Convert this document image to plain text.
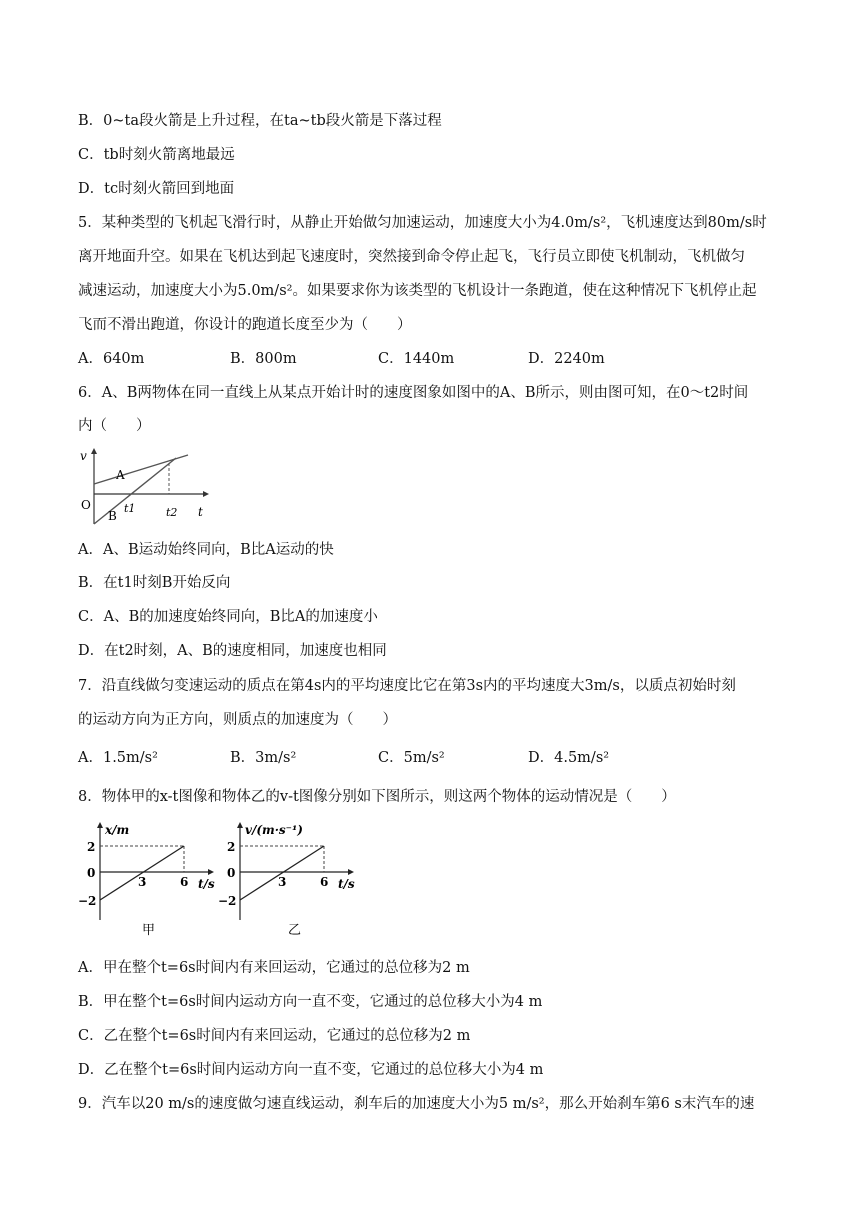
B．0~ta段火箭是上升过程，在ta~tb段火箭是下落过程
C．tb时刻火箭离地最远
D．tc时刻火箭回到地面
5．某种类型的飞机起飞滑行时，从静止开始做匀加速运动，加速度大小为4.0m/s²，飞机速度达到80m/s时
离开地面升空。如果在飞机达到起飞速度时，突然接到命令停止起飞，飞行员立即使飞机制动，飞机做匀
减速运动，加速度大小为5.0m/s²。如果要求你为该类型的飞机设计一条跑道，使在这种情况下飞机停止起
飞而不滑出跑道，你设计的跑道长度至少为（　　）
A．640m	B．800m	C．1440m	D．2240m
6．A、B两物体在同一直线上从某点开始计时的速度图象如图中的A、B所示，则由图可知，在0～t2时间
内（　　）
v
t
O
A
B
t1	t2
A．A、B运动始终同向，B比A运动的快
B．在t1时刻B开始反向
C．A、B的加速度始终同向，B比A的加速度小
D．在t2时刻，A、B的速度相同，加速度也相同
7．沿直线做匀变速运动的质点在第4s内的平均速度比它在第3s内的平均速度大3m/s，以质点初始时刻
的运动方向为正方向，则质点的加速度为（　　）
A．1.5m/s²	B．3m/s²	C．5m/s²	D．4.5m/s²
8．物体甲的x-t图像和物体乙的v-t图像分别如下图所示，则这两个物体的运动情况是（　　）
x/m
t/s
2
0
−2
3	6
甲
v/(m·s⁻¹)
t/s
2
0
−2
3	6
乙
A．甲在整个t=6s时间内有来回运动，它通过的总位移为2 m
B．甲在整个t=6s时间内运动方向一直不变，它通过的总位移大小为4 m
C．乙在整个t=6s时间内有来回运动，它通过的总位移为2 m
D．乙在整个t=6s时间内运动方向一直不变，它通过的总位移大小为4 m
9．汽车以20 m/s的速度做匀速直线运动，刹车后的加速度大小为5 m/s²，那么开始刹车第6 s末汽车的速
